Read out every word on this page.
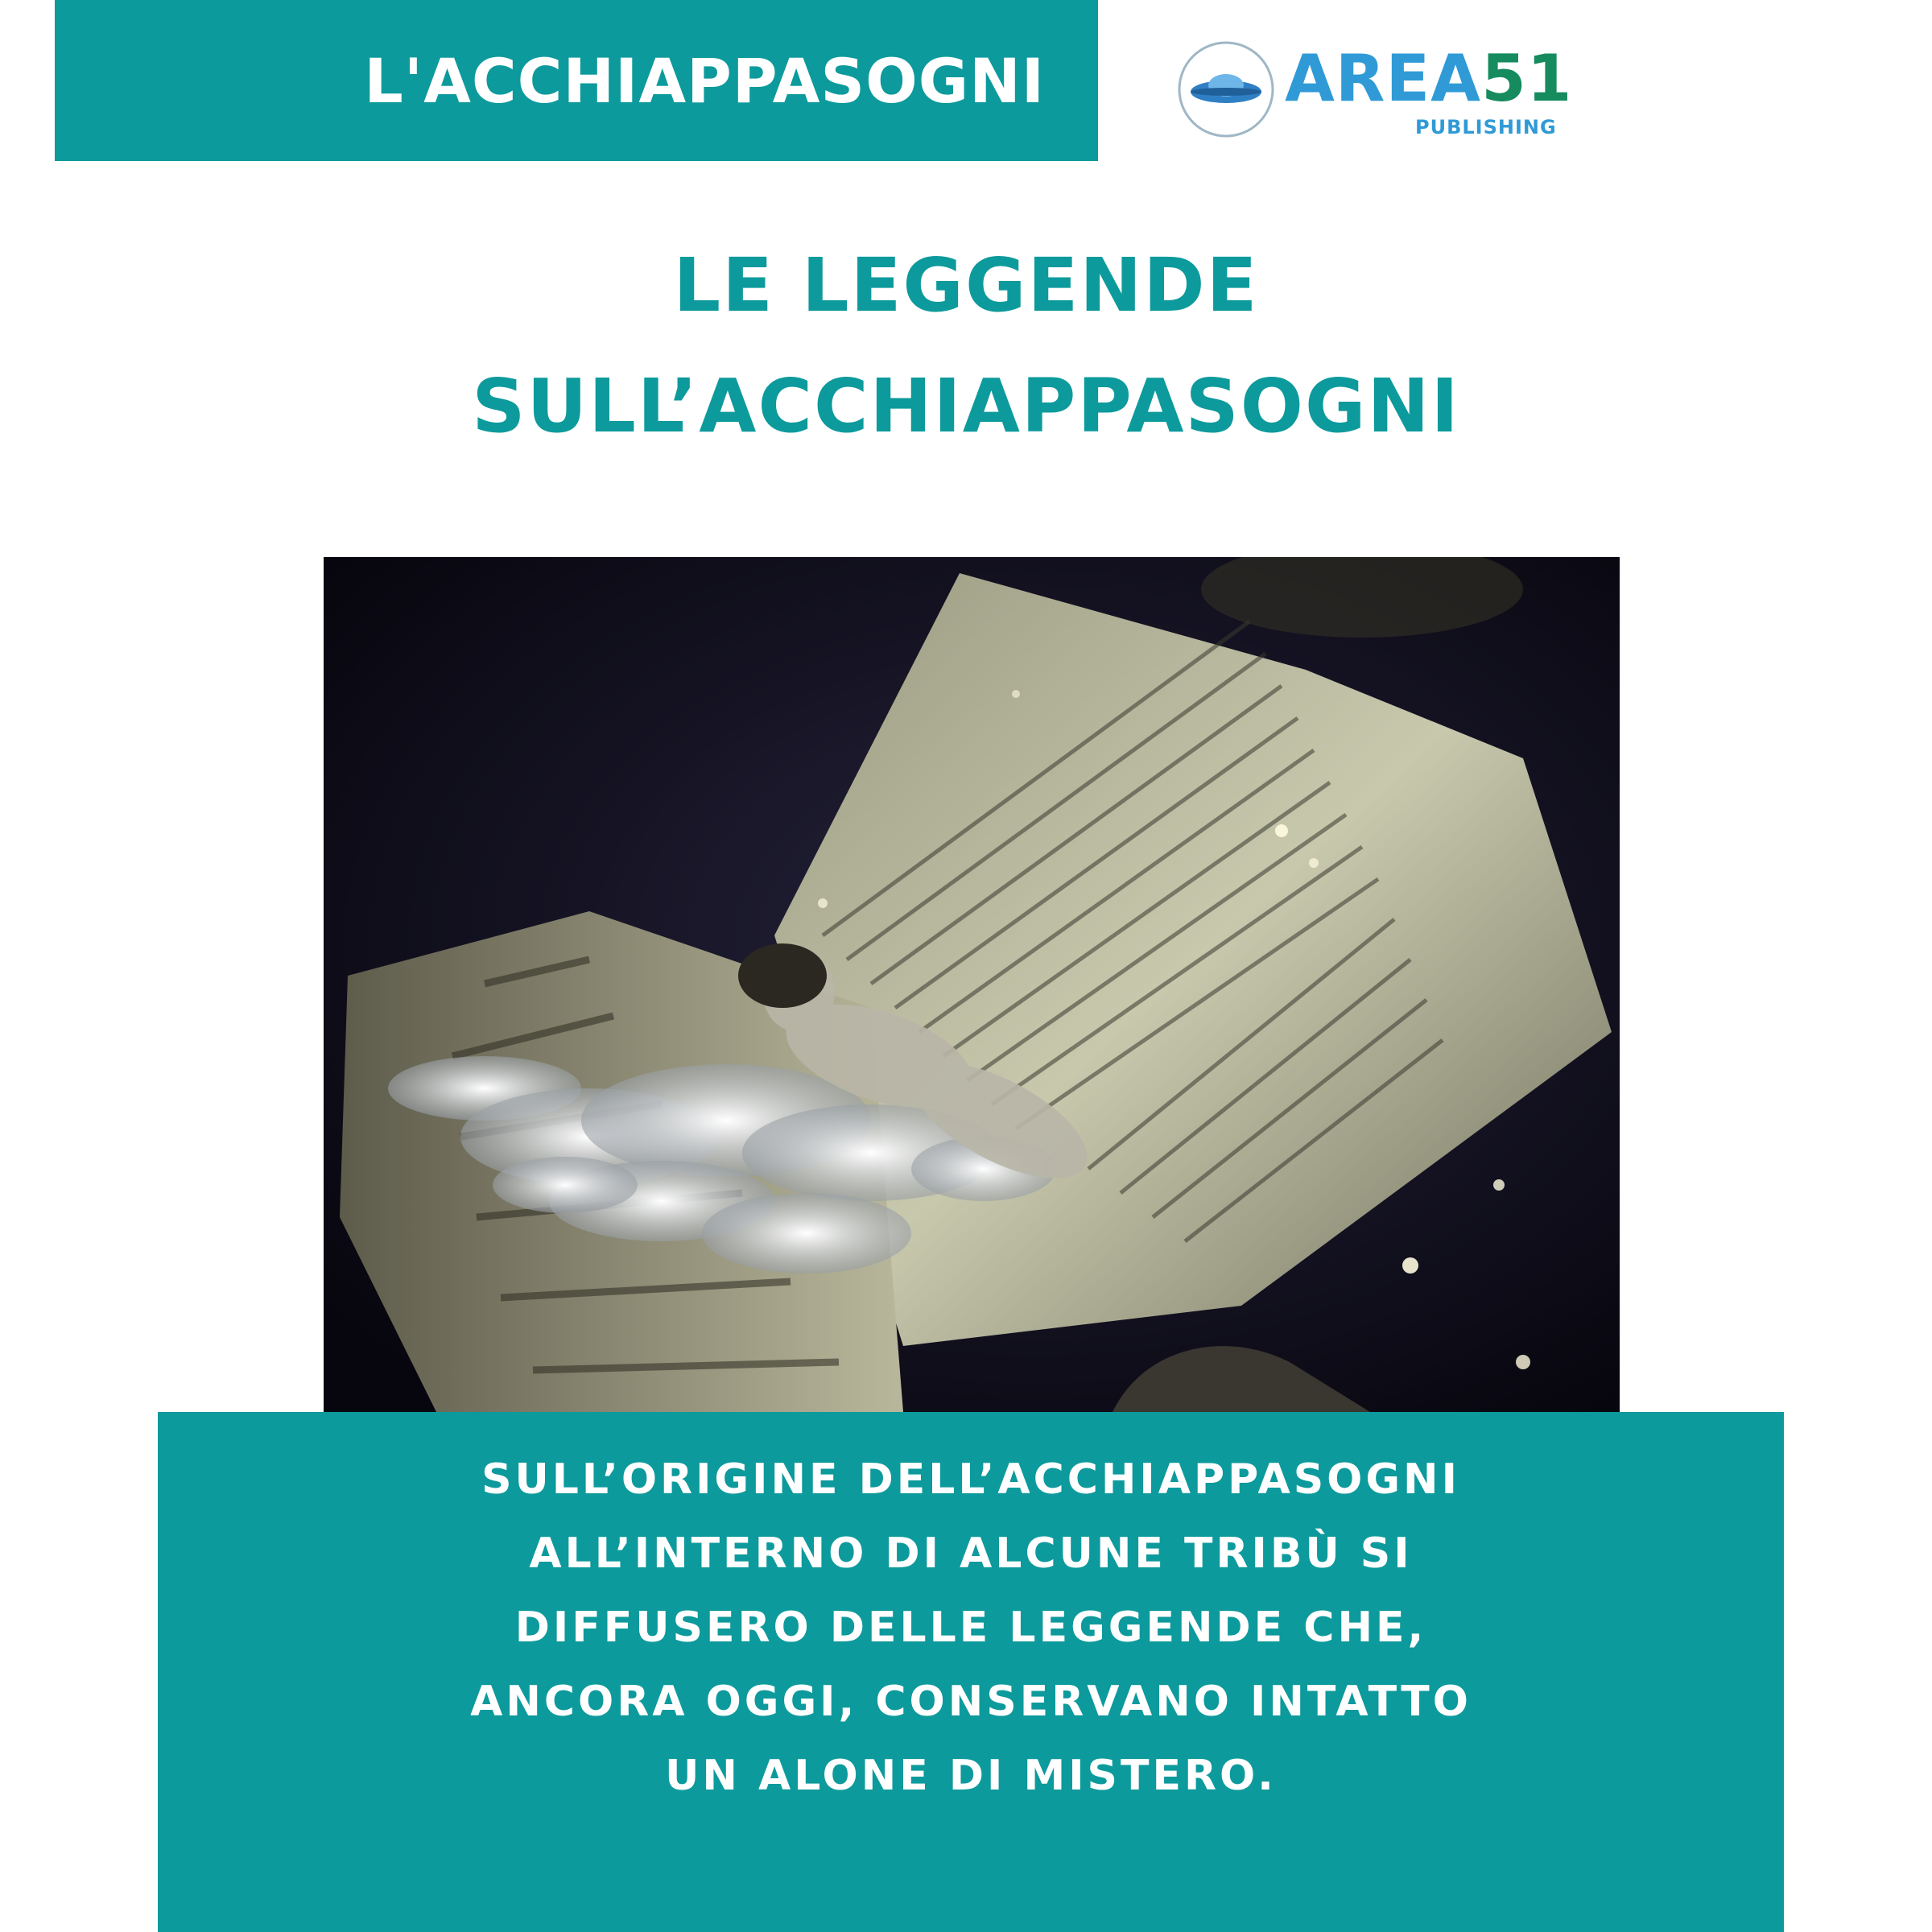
L'ACCHIAPPASOGNI	AREA51
PUBLISHING
LE LEGGENDE
SULL’ACCHIAPPASOGNI
SULL’ORIGINE DELL’ACCHIAPPASOGNI
ALL’INTERNO DI ALCUNE TRIBÙ SI
DIFFUSERO DELLE LEGGENDE CHE,
ANCORA OGGI, CONSERVANO INTATTO
UN ALONE DI MISTERO.
